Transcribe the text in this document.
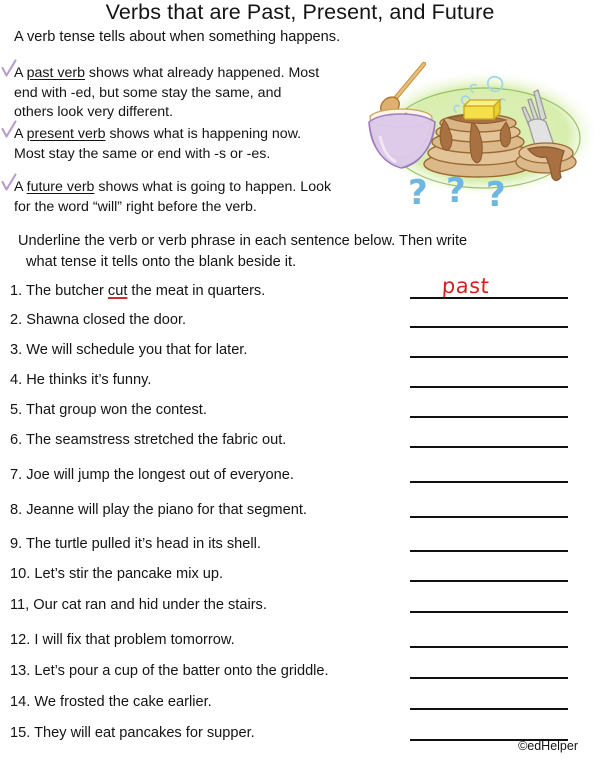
Verbs that are Past, Present, and Future
A verb tense tells about when something happens.
A past verb shows what already happened. Most
end with -ed, but some stay the same, and
others look very different.
A present verb shows what is happening now.
Most stay the same or end with -s or -es.
A future verb shows what is going to happen. Look
for the word “will” right before the verb.	? ? ?
Underline the verb or verb phrase in each sentence below. Then write
what tense it tells onto the blank beside it.
1. The butcher cut the meat in quarters.	past
2. Shawna closed the door.
3. We will schedule you that for later.
4. He thinks it’s funny.
5. That group won the contest.
6. The seamstress stretched the fabric out.
7. Joe will jump the longest out of everyone.
8. Jeanne will play the piano for that segment.
9. The turtle pulled it’s head in its shell.
10. Let’s stir the pancake mix up.
11, Our cat ran and hid under the stairs.
12. I will fix that problem tomorrow.
13. Let’s pour a cup of the batter onto the griddle.
14. We frosted the cake earlier.
15. They will eat pancakes for supper.
©edHelper
